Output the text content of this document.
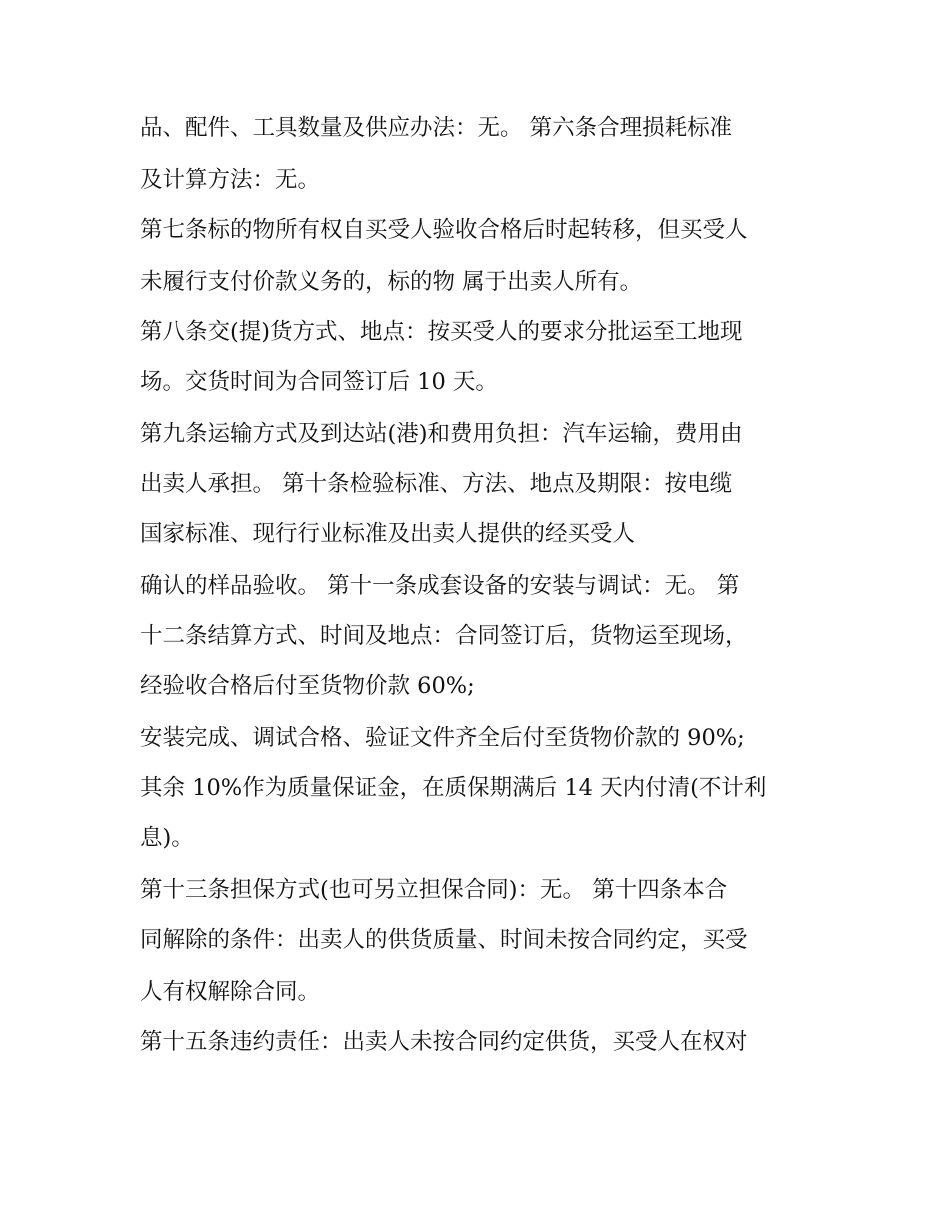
品、配件、工具数量及供应办法：无。 第六条合理损耗标准

及计算方法：无。

第七条标的物所有权自买受人验收合格后时起转移，但买受人

未履行支付价款义务的，标的物 属于出卖人所有。

第八条交(提)货方式、地点：按买受人的要求分批运至工地现

场。交货时间为合同签订后 10 天。

第九条运输方式及到达站(港)和费用负担：汽车运输，费用由

出卖人承担。 第十条检验标准、方法、地点及期限：按电缆

国家标准、现行行业标准及出卖人提供的经买受人

确认的样品验收。 第十一条成套设备的安装与调试：无。 第

十二条结算方式、时间及地点：合同签订后，货物运至现场，

经验收合格后付至货物价款 60%;

安装完成、调试合格、验证文件齐全后付至货物价款的 90%;

其余 10%作为质量保证金，在质保期满后 14 天内付清(不计利

息)。

第十三条担保方式(也可另立担保合同)：无。 第十四条本合

同解除的条件：出卖人的供货质量、时间未按合同约定，买受

人有权解除合同。

第十五条违约责任：出卖人未按合同约定供货，买受人在权对
